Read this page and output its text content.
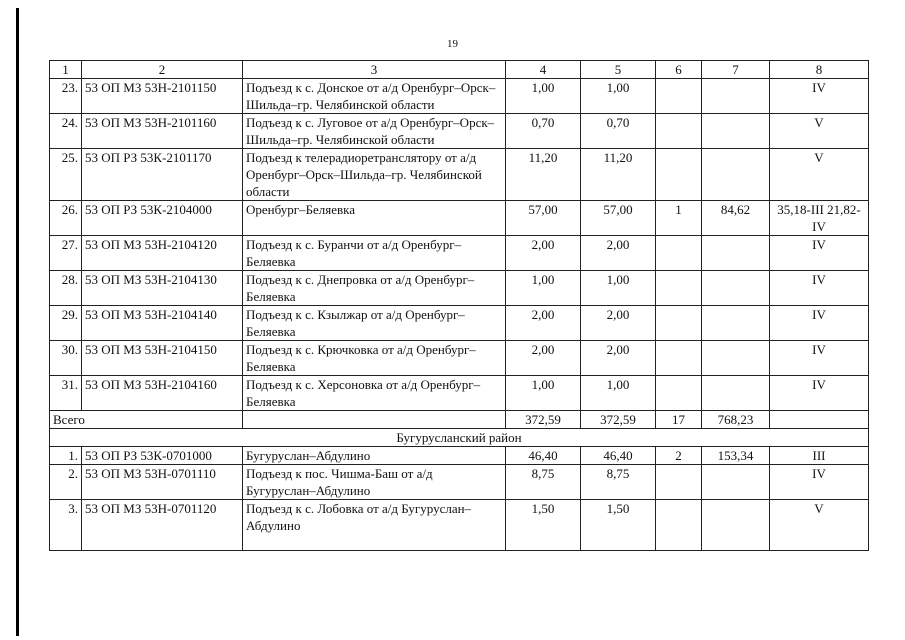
19
1	2	3	4	5	6	7	8
23.	53 ОП МЗ 53Н-2101150	Подъезд к с. Донское от а/д Оренбург–Орск–Шильда–гр. Челябинской области	1,00	1,00			IV
24.	53 ОП МЗ 53Н-2101160	Подъезд к с. Луговое от а/д Оренбург–Орск–Шильда–гр. Челябинской области	0,70	0,70			V
25.	53 ОП РЗ 53К-2101170	Подъезд к телерадиоретранслятору от а/д Оренбург–Орск–Шильда–гр. Челябинской области	11,20	11,20			V
26.	53 ОП РЗ 53К-2104000	Оренбург–Беляевка	57,00	57,00	1	84,62	35,18-III 21,82-IV
27.	53 ОП МЗ 53Н-2104120	Подъезд к с. Буранчи от а/д Оренбург–Беляевка	2,00	2,00			IV
28.	53 ОП МЗ 53Н-2104130	Подъезд к с. Днепровка от а/д Оренбург–Беляевка	1,00	1,00			IV
29.	53 ОП МЗ 53Н-2104140	Подъезд к с. Кзылжар от а/д Оренбург–Беляевка	2,00	2,00			IV
30.	53 ОП МЗ 53Н-2104150	Подъезд к с. Крючковка от а/д Оренбург–Беляевка	2,00	2,00			IV
31.	53 ОП МЗ 53Н-2104160	Подъезд к с. Херсоновка от а/д Оренбург–Беляевка	1,00	1,00			IV
Всего			372,59	372,59	17	768,23	
Бугурусланский район							
1.	53 ОП РЗ 53К-0701000	Бугуруслан–Абдулино	46,40	46,40	2	153,34	III
2.	53 ОП МЗ 53Н-0701110	Подъезд к пос. Чишма-Баш от а/д Бугуруслан–Абдулино	8,75	8,75			IV
3.	53 ОП МЗ 53Н-0701120	Подъезд к с. Лобовка от а/д Бугуруслан–Абдулино	1,50	1,50			V
